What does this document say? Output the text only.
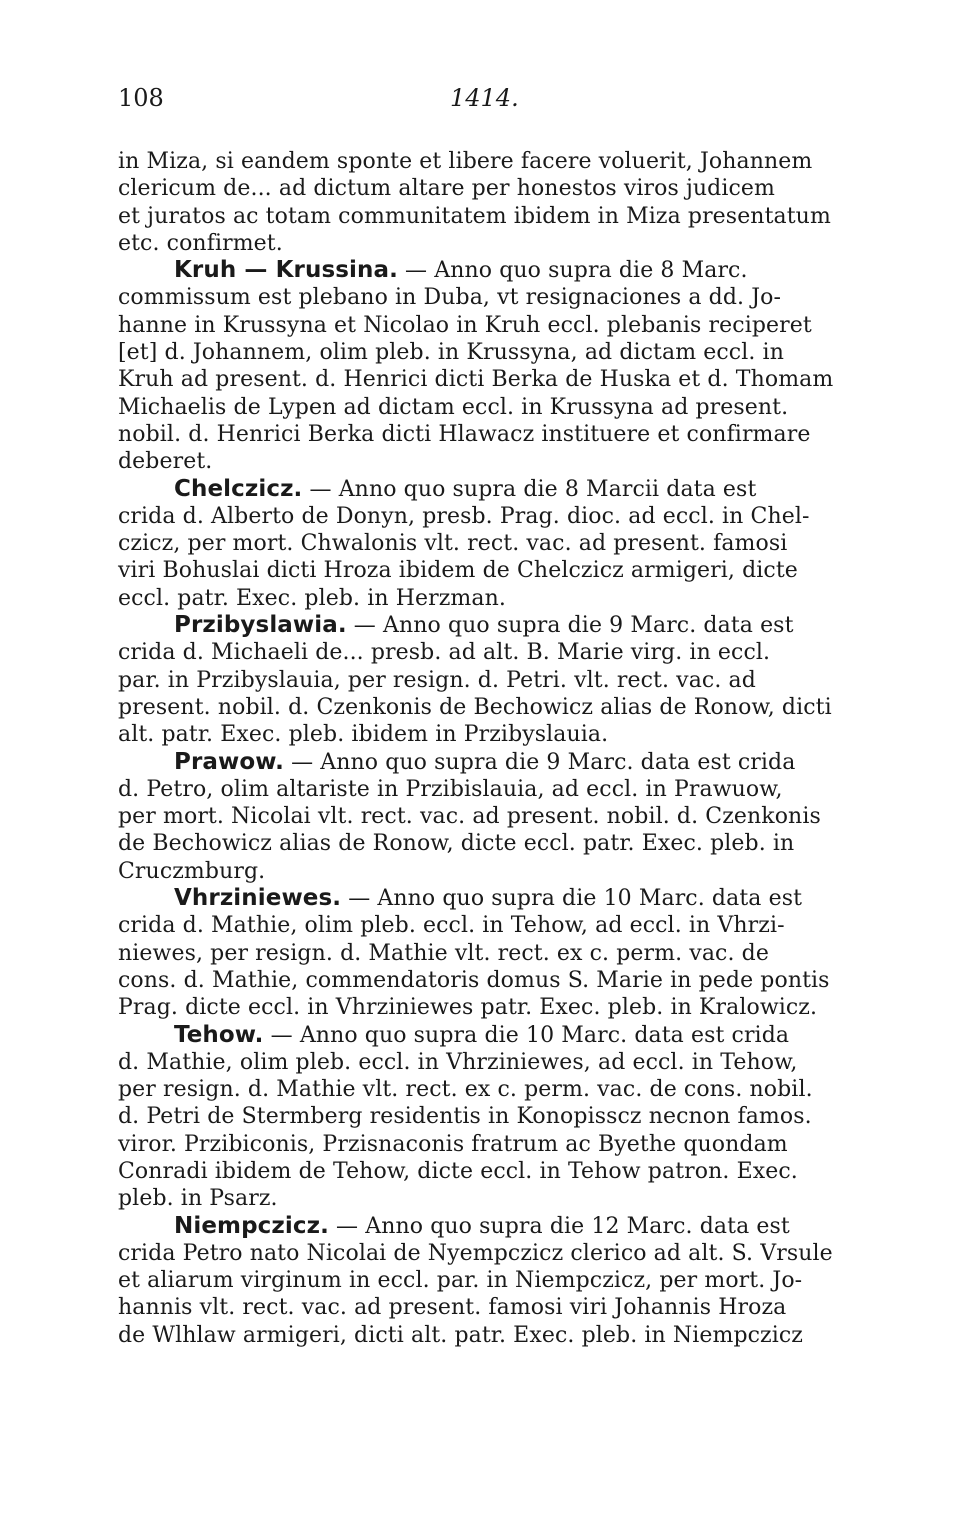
108	1414.
in Miza, si eandem sponte et libere facere voluerit, Johannem
clericum de... ad dictum altare per honestos viros judicem
et juratos ac totam communitatem ibidem in Miza presentatum
etc. confirmet.
Kruh — Krussina. — Anno quo supra die 8 Marc.
commissum est plebano in Duba, vt resignaciones a dd. Jo-
hanne in Krussyna et Nicolao in Kruh eccl. plebanis reciperet
[et] d. Johannem, olim pleb. in Krussyna, ad dictam eccl. in
Kruh ad present. d. Henrici dicti Berka de Huska et d. Thomam
Michaelis de Lypen ad dictam eccl. in Krussyna ad present.
nobil. d. Henrici Berka dicti Hlawacz instituere et confirmare
deberet.
Chelczicz. — Anno quo supra die 8 Marcii data est
crida d. Alberto de Donyn, presb. Prag. dioc. ad eccl. in Chel-
czicz, per mort. Chwalonis vlt. rect. vac. ad present. famosi
viri Bohuslai dicti Hroza ibidem de Chelczicz armigeri, dicte
eccl. patr. Exec. pleb. in Herzman.
Przibyslawia. — Anno quo supra die 9 Marc. data est
crida d. Michaeli de... presb. ad alt. B. Marie virg. in eccl.
par. in Przibyslauia, per resign. d. Petri. vlt. rect. vac. ad
present. nobil. d. Czenkonis de Bechowicz alias de Ronow, dicti
alt. patr. Exec. pleb. ibidem in Przibyslauia.
Prawow. — Anno quo supra die 9 Marc. data est crida
d. Petro, olim altariste in Przibislauia, ad eccl. in Prawuow,
per mort. Nicolai vlt. rect. vac. ad present. nobil. d. Czenkonis
de Bechowicz alias de Ronow, dicte eccl. patr. Exec. pleb. in
Cruczmburg.
Vhrziniewes. — Anno quo supra die 10 Marc. data est
crida d. Mathie, olim pleb. eccl. in Tehow, ad eccl. in Vhrzi-
niewes, per resign. d. Mathie vlt. rect. ex c. perm. vac. de
cons. d. Mathie, commendatoris domus S. Marie in pede pontis
Prag. dicte eccl. in Vhrziniewes patr. Exec. pleb. in Kralowicz.
Tehow. — Anno quo supra die 10 Marc. data est crida
d. Mathie, olim pleb. eccl. in Vhrziniewes, ad eccl. in Tehow,
per resign. d. Mathie vlt. rect. ex c. perm. vac. de cons. nobil.
d. Petri de Stermberg residentis in Konopisscz necnon famos.
viror. Przibiconis, Przisnaconis fratrum ac Byethe quondam
Conradi ibidem de Tehow, dicte eccl. in Tehow patron. Exec.
pleb. in Psarz.
Niempczicz. — Anno quo supra die 12 Marc. data est
crida Petro nato Nicolai de Nyempczicz clerico ad alt. S. Vrsule
et aliarum virginum in eccl. par. in Niempczicz, per mort. Jo-
hannis vlt. rect. vac. ad present. famosi viri Johannis Hroza
de Wlhlaw armigeri, dicti alt. patr. Exec. pleb. in Niempczicz
